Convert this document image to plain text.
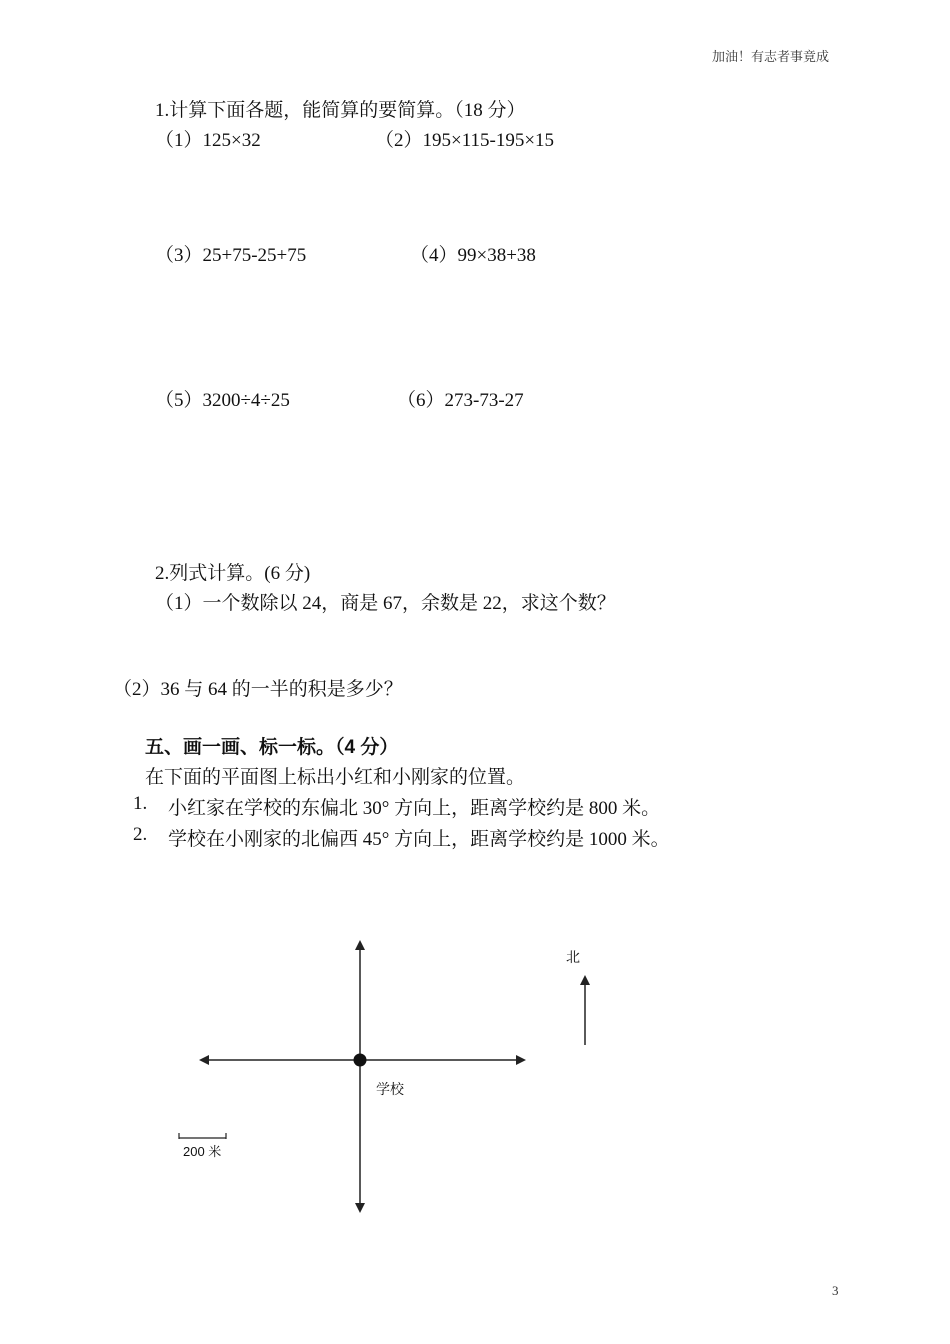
加油！有志者事竟成
1.计算下面各题，能简算的要简算。（18 分）
（1）125×32	（2）195×115-195×15
（3）25+75-25+75	（4）99×38+38
（5）3200÷4÷25	（6）273-73-27
2.列式计算。(6 分)
（1）一个数除以 24，商是 67，余数是 22，求这个数？
（2）36 与 64 的一半的积是多少？
五、画一画、标一标。（4 分）
在下面的平面图上标出小红和小刚家的位置。
1. 小红家在学校的东偏北 30° 方向上，距离学校约是 800 米。
2. 学校在小刚家的北偏西 45° 方向上，距离学校约是 1000 米。
学校
北
200 米
3
